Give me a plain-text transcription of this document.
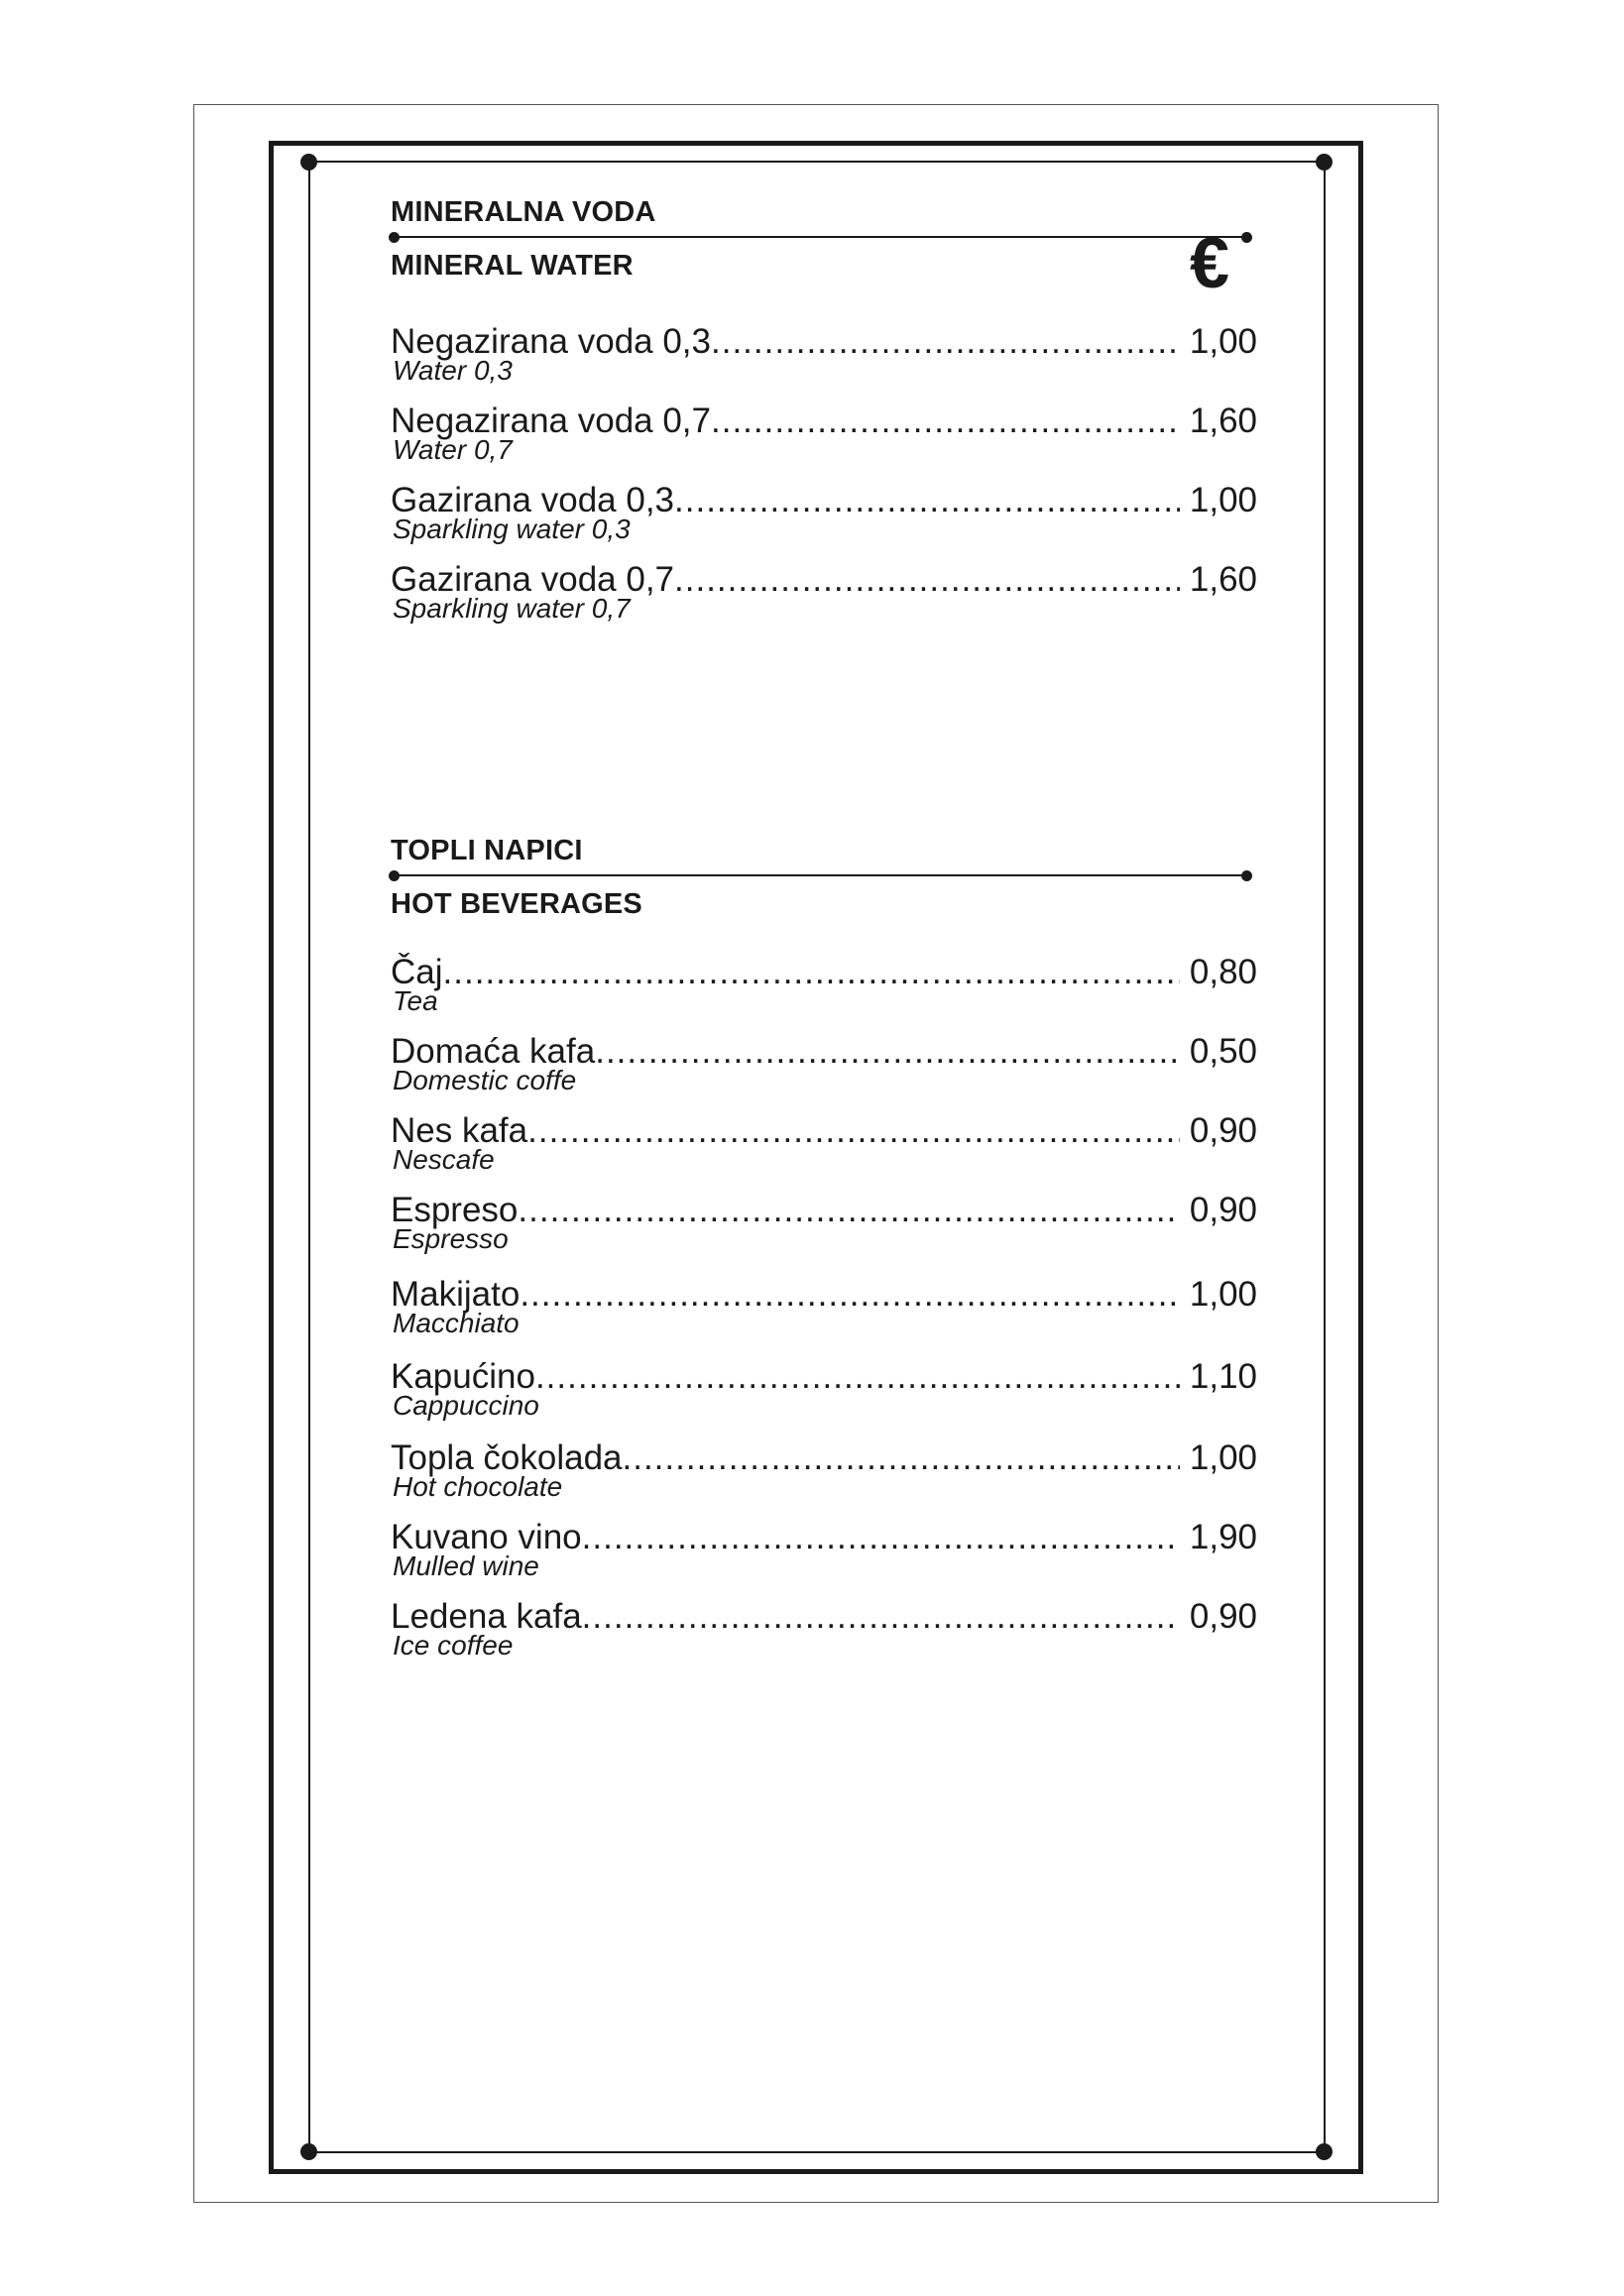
MINERALNA VODA
MINERAL WATER	€
Negazirana voda 0,3 .....	1,00
Water 0,3
Negazirana voda 0,7 .....	1,60
Water 0,7
Gazirana voda 0,3 .....	1,00
Sparkling water 0,3
Gazirana voda 0,7 .....	1,60
Sparkling water 0,7
TOPLI NAPICI
HOT BEVERAGES
Čaj .....	0,80
Tea
Domaća kafa .....	0,50
Domestic coffe
Nes kafa .....	0,90
Nescafe
Espreso .....	0,90
Espresso
Makijato .....	1,00
Macchiato
Kapućino .....	1,10
Cappuccino
Topla čokolada .....	1,00
Hot chocolate
Kuvano vino .....	1,90
Mulled wine
Ledena kafa .....	0,90
Ice coffee
